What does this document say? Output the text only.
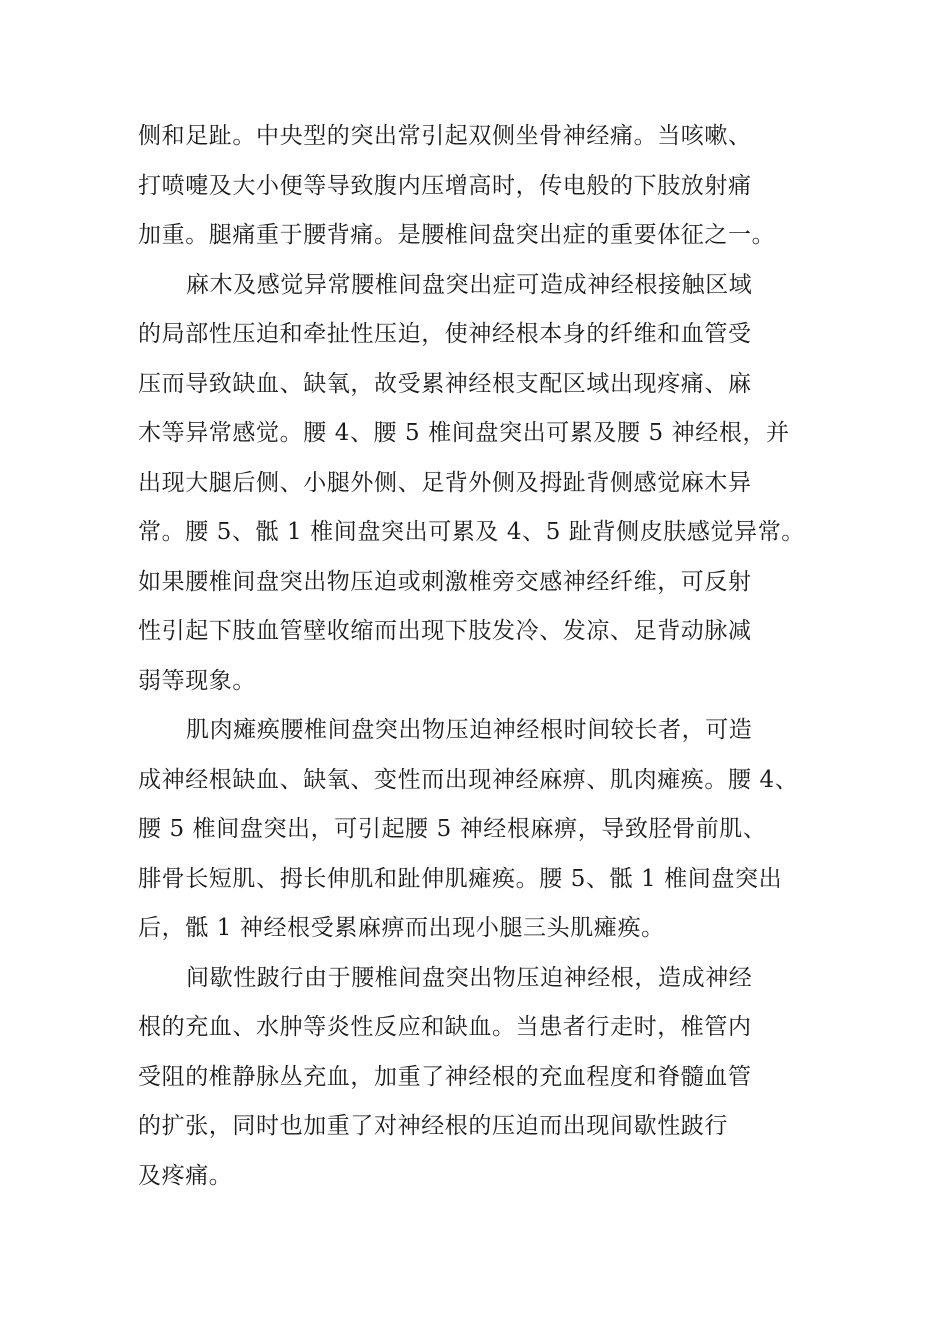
侧和足趾。中央型的突出常引起双侧坐骨神经痛。当咳嗽、
打喷嚏及大小便等导致腹内压增高时，传电般的下肢放射痛
加重。腿痛重于腰背痛。是腰椎间盘突出症的重要体征之一。
麻木及感觉异常腰椎间盘突出症可造成神经根接触区域
的局部性压迫和牵扯性压迫，使神经根本身的纤维和血管受
压而导致缺血、缺氧，故受累神经根支配区域出现疼痛、麻
木等异常感觉。腰 4、腰 5 椎间盘突出可累及腰 5 神经根，并
出现大腿后侧、小腿外侧、足背外侧及拇趾背侧感觉麻木异
常。腰 5、骶 1 椎间盘突出可累及 4、5 趾背侧皮肤感觉异常。
如果腰椎间盘突出物压迫或刺激椎旁交感神经纤维，可反射
性引起下肢血管壁收缩而出现下肢发冷、发凉、足背动脉减
弱等现象。
肌肉瘫痪腰椎间盘突出物压迫神经根时间较长者，可造
成神经根缺血、缺氧、变性而出现神经麻痹、肌肉瘫痪。腰 4、
腰 5 椎间盘突出，可引起腰 5 神经根麻痹，导致胫骨前肌、
腓骨长短肌、拇长伸肌和趾伸肌瘫痪。腰 5、骶 1 椎间盘突出
后，骶 1 神经根受累麻痹而出现小腿三头肌瘫痪。
间歇性跛行由于腰椎间盘突出物压迫神经根，造成神经
根的充血、水肿等炎性反应和缺血。当患者行走时，椎管内
受阻的椎静脉丛充血，加重了神经根的充血程度和脊髓血管
的扩张，同时也加重了对神经根的压迫而出现间歇性跛行
及疼痛。
